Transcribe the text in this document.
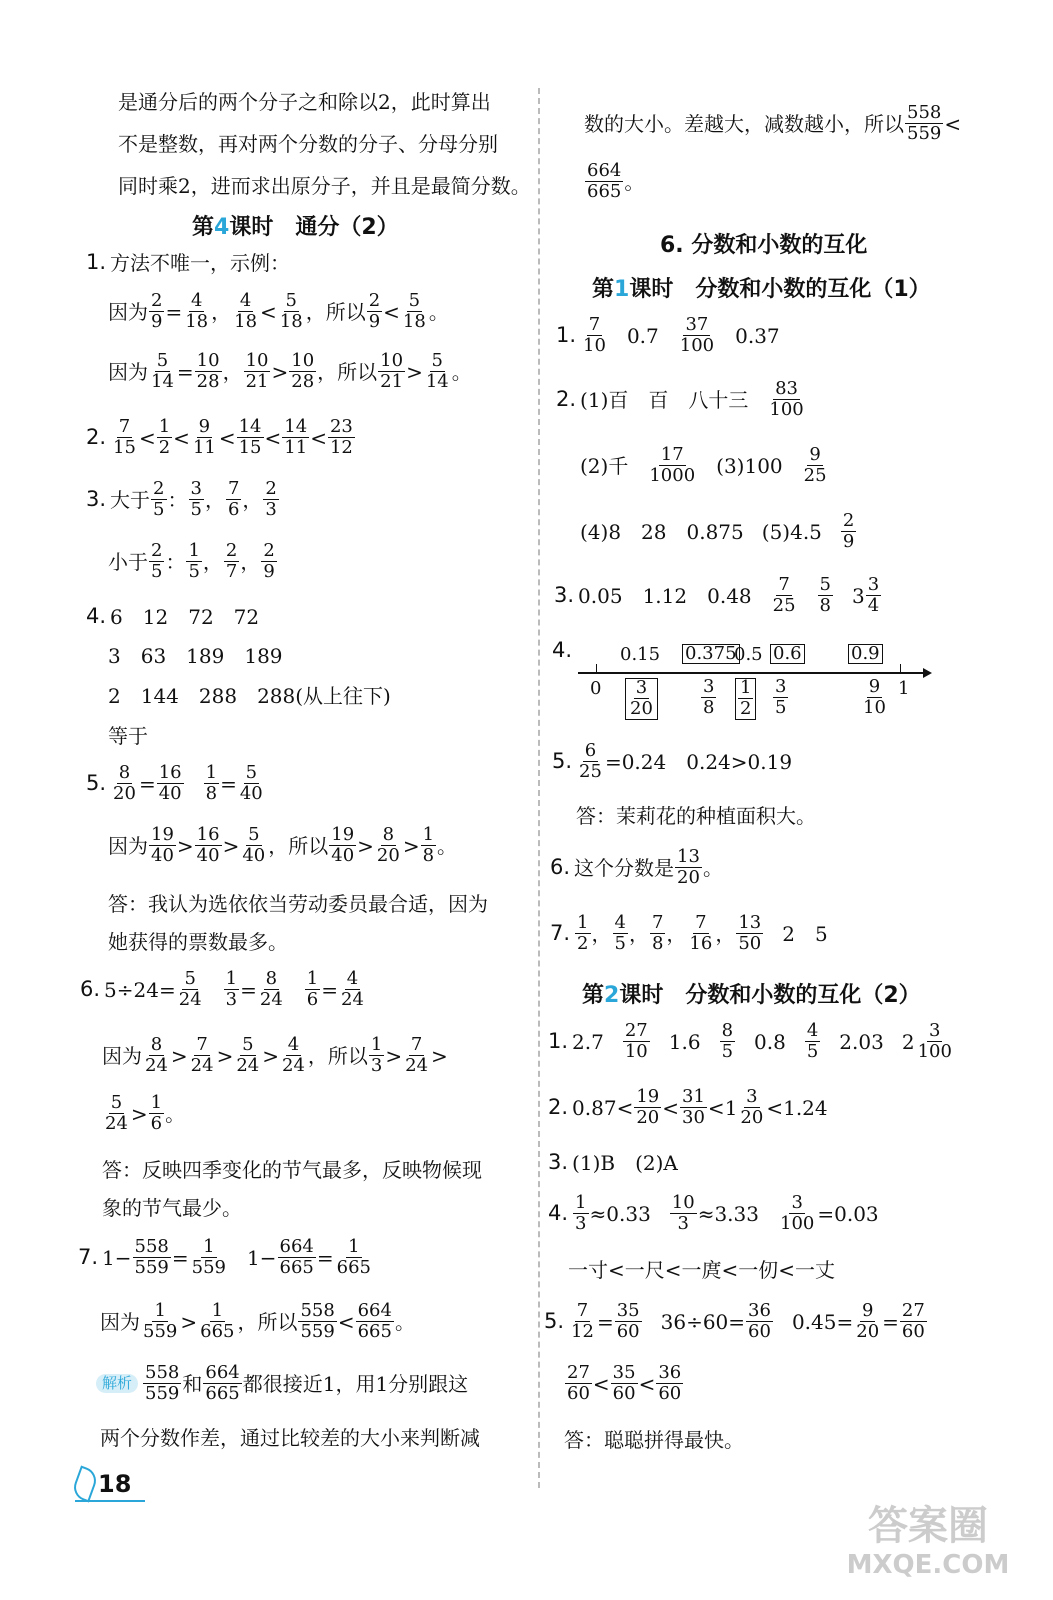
是通分后的两个分子之和除以2，此时算出
不是整数，再对两个分数的分子、分母分别
同时乘2，进而求出原分子，并且是最简分数。
第4课时　通分（2）
1. 方法不唯一，示例：
因为 2
9 = 4
18 ， 4
18 < 5
18 ，所以 2
9 < 5
18 。
因为 5
14 = 10
28 ， 10
21 > 10
28 ，所以 10
21 > 5
14 。
2. 7
15 < 1
2 < 9
11 < 14
15 < 14
11 < 23
12
3. 大于 2
5 ： 3
5 ， 7
6 ， 2
3
小于 2
5 ： 1
5 ， 2
7 ， 2
9
4. 6　12　72　72
3　63　189　189
2　144　288　288(从上往下)
等于
5. 8
20 = 16
40
1
8 = 5
40
因为 19
40 > 16
40 > 5
40 ，所以 19
40 > 8
20 > 1
8 。
答：我认为选依依当劳动委员最合适，因为
她获得的票数最多。
6. $5\div 24= \frac{5}{24} 1$
3 = 8
24
1
6 = 4
24
因为 8
24 > 7
24 > 5
24 > 4
24 ，所以 1
3 > 7
24 >
5
24 > 1
6 。
答：反映四季变化的节气最多，反映物候现
象的节气最少。
7. $1- \frac{558}{559} = 1$
559 $1- \frac{664}{665} = 1$
665
因为 1
559 > 1
665 ，所以 558
559 < 664
665 。
解析
558
559 和 664
665 都很接近1，用1分别跟这
两个分数作差，通过比较差的大小来判断减
18
数的大小。差越大，减数越小，所以 558
559 <
664
665 。
6. 分数和小数的互化
第1课时　分数和小数的互化（1）
1. 7
10 0.7 37
100 0.37
2. (1)百　百　八十三 83
100
(2)千 17
1000 (3)100 9
25
(4)8　28　0.875 (5)4.5 2
9
3. 0.05　1.12　0.48 7
25
5
8 3 3
4
4.	0.15 0.375
0.5 0.6	0.9
0 3
20
3
8
1
2
3
5
9
10
1
5. $\frac{6}{25} =0.24$　0.24>0.19
答：茉莉花的种植面积大。
6. 这个分数是 13
20 。
7. 1
2 ， 4
5 ， 7
8 ， 7
16 ， 13
50 2　5
第2课时　分数和小数的互化（2）
1. 2.7 27
10 1.6 8
5 0.8 4
5 2.03 2 3
100
2. 0.87 < 19
20 < 31
30 < 1 3
20 < 1.24
3. (1)B　(2)A
4. $\frac{1}{3} \approx 0.33 \frac{10}{3} \approx 3.33 \frac{3}{100} =0.03$
一寸<一尺<一庹<一仞<一丈
5. 7
12 = 35
60 $36\div 60= \frac{36}{60} 0.45= \frac{9}{20} = 27$
60
27
60 < 35
60 < 36
60
答：聪聪拼得最快。
答案圈
MXQE.COM
